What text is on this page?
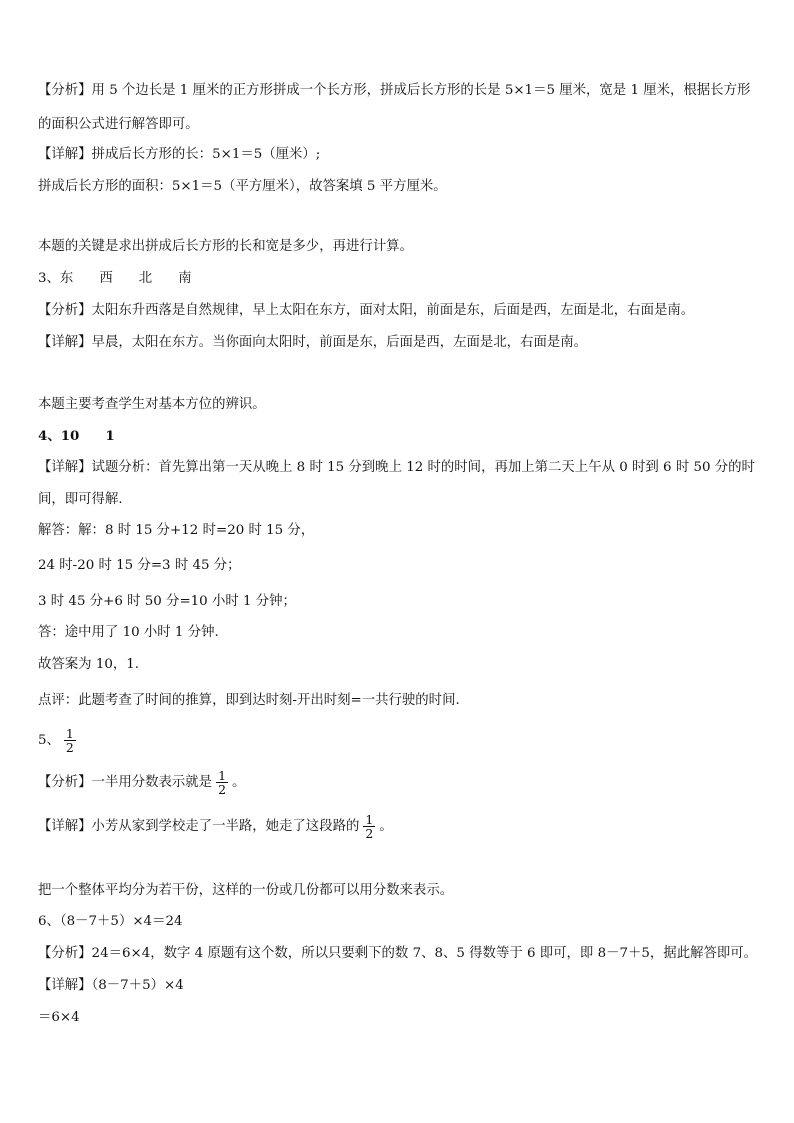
【分析】用 5 个边长是 1 厘米的正方形拼成一个长方形，拼成后长方形的长是 5×1＝5 厘米，宽是 1 厘米，根据长方形
的面积公式进行解答即可。
【详解】拼成后长方形的长：5×1＝5（厘米）;
拼成后长方形的面积：5×1＝5（平方厘米），故答案填 5 平方厘米。
本题的关键是求出拼成后长方形的长和宽是多少，再进行计算。
3、东 西 北 南
【分析】太阳东升西落是自然规律，早上太阳在东方，面对太阳，前面是东，后面是西，左面是北，右面是南。
【详解】早晨，太阳在东方。当你面向太阳时，前面是东，后面是西，左面是北，右面是南。
本题主要考查学生对基本方位的辨识。
4、10 1
【详解】试题分析：首先算出第一天从晚上 8 时 15 分到晚上 12 时的时间，再加上第二天上午从 0 时到 6 时 50 分的时
间，即可得解.
解答：解：8 时 15 分+12 时=20 时 15 分，
24 时-20 时 15 分=3 时 45 分；
3 时 45 分+6 时 50 分=10 小时 1 分钟；
答：途中用了 10 小时 1 分钟.
故答案为 10，1.
点评：此题考查了时间的推算，即到达时刻-开出时刻=一共行驶的时间.
5、 $\frac{1}{2}$
【分析】一半用分数表示就是 $\frac{1}{2}$ 。
【详解】小芳从家到学校走了一半路，她走了这段路的 $\frac{1}{2}$ 。
把一个整体平均分为若干份，这样的一份或几份都可以用分数来表示。
6、（8－7＋5）×4＝24
【分析】24＝6×4，数字 4 原题有这个数，所以只要剩下的数 7、8、5 得数等于 6 即可，即 8－7＋5，据此解答即可。
【详解】（8－7＋5）×4
＝6×4
